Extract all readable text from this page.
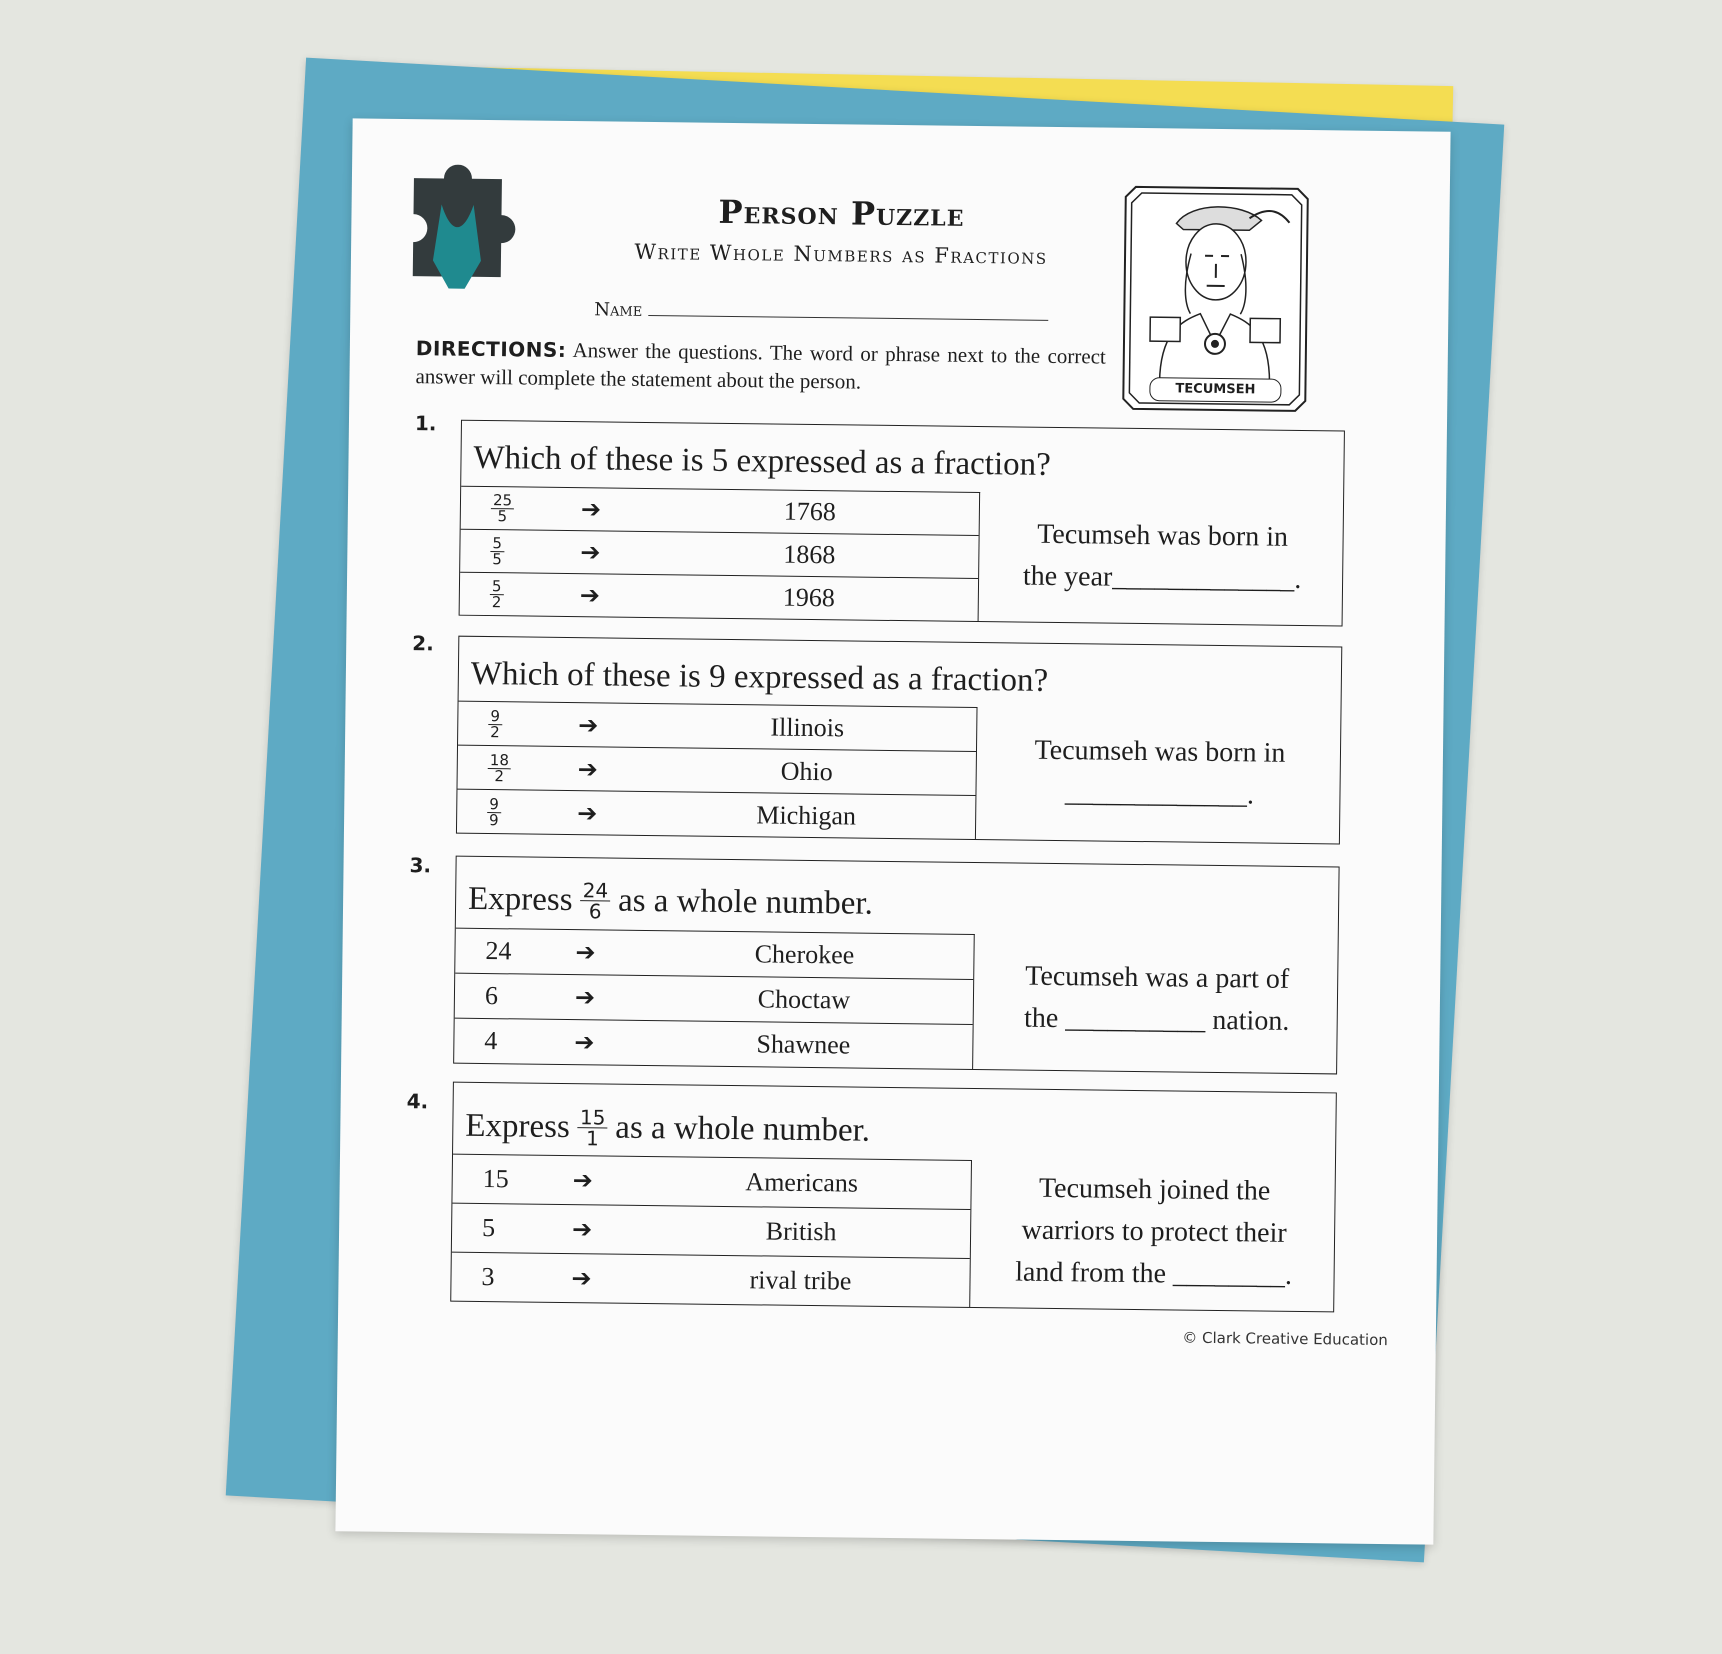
Person Puzzle
Write Whole Numbers as Fractions
Name
TECUMSEH
DIRECTIONS: Answer the questions. The word or phrase next to the correct answer will complete the statement about the person.
1.
Which of these is 5 expressed as a fraction?
$\frac{25}{5}$	➔	1768
$\frac{5}{5}$	➔	1868
$\frac{5}{2}$	➔	1968
Tecumseh was born in
the year_____________.
2.
Which of these is 9 expressed as a fraction?
$\frac{9}{2}$	➔	Illinois
$\frac{18}{2}$	➔	Ohio
$\frac{9}{9}$	➔	Michigan
Tecumseh was born in
_____________.
3.
Express $\frac{24}{6}$ as a whole number.
24	➔	Cherokee
6	➔	Choctaw
4	➔	Shawnee
Tecumseh was a part of
the __________ nation.
4.
Express $\frac{15}{1}$ as a whole number.
15	➔	Americans
5	➔	British
3	➔	rival tribe
Tecumseh joined the
warriors to protect their
land from the ________.
© Clark Creative Education
